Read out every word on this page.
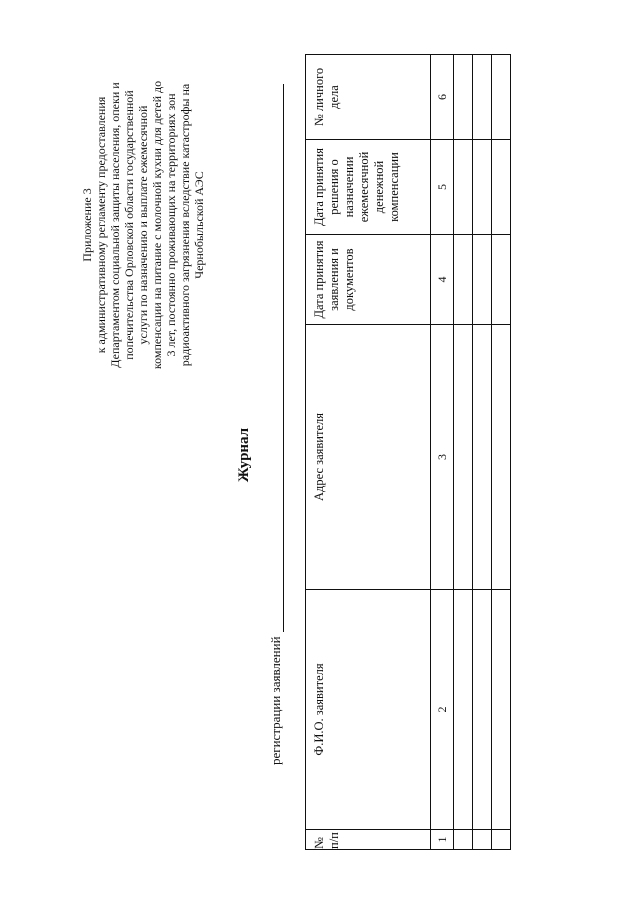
Приложение 3 к административному регламенту предоставления Департаментом социальной защиты населения, опеки и попечительства Орловской области государственной услуги по назначению и выплате ежемесячной компенсации на питание с молочной кухни для детей до 3 лет, постоянно проживающих на территориях зон радиоактивного загрязнения вследствие катастрофы на Чернобыльской АЭС
Журнал
регистрации заявлений
№ п/п	Ф.И.О. заявителя	Адрес заявителя	Дата принятия заявления и документов	Дата принятия решения о назначении ежемесячной денежной компенсации	№ личного дела
1	2	3	4	5	6
